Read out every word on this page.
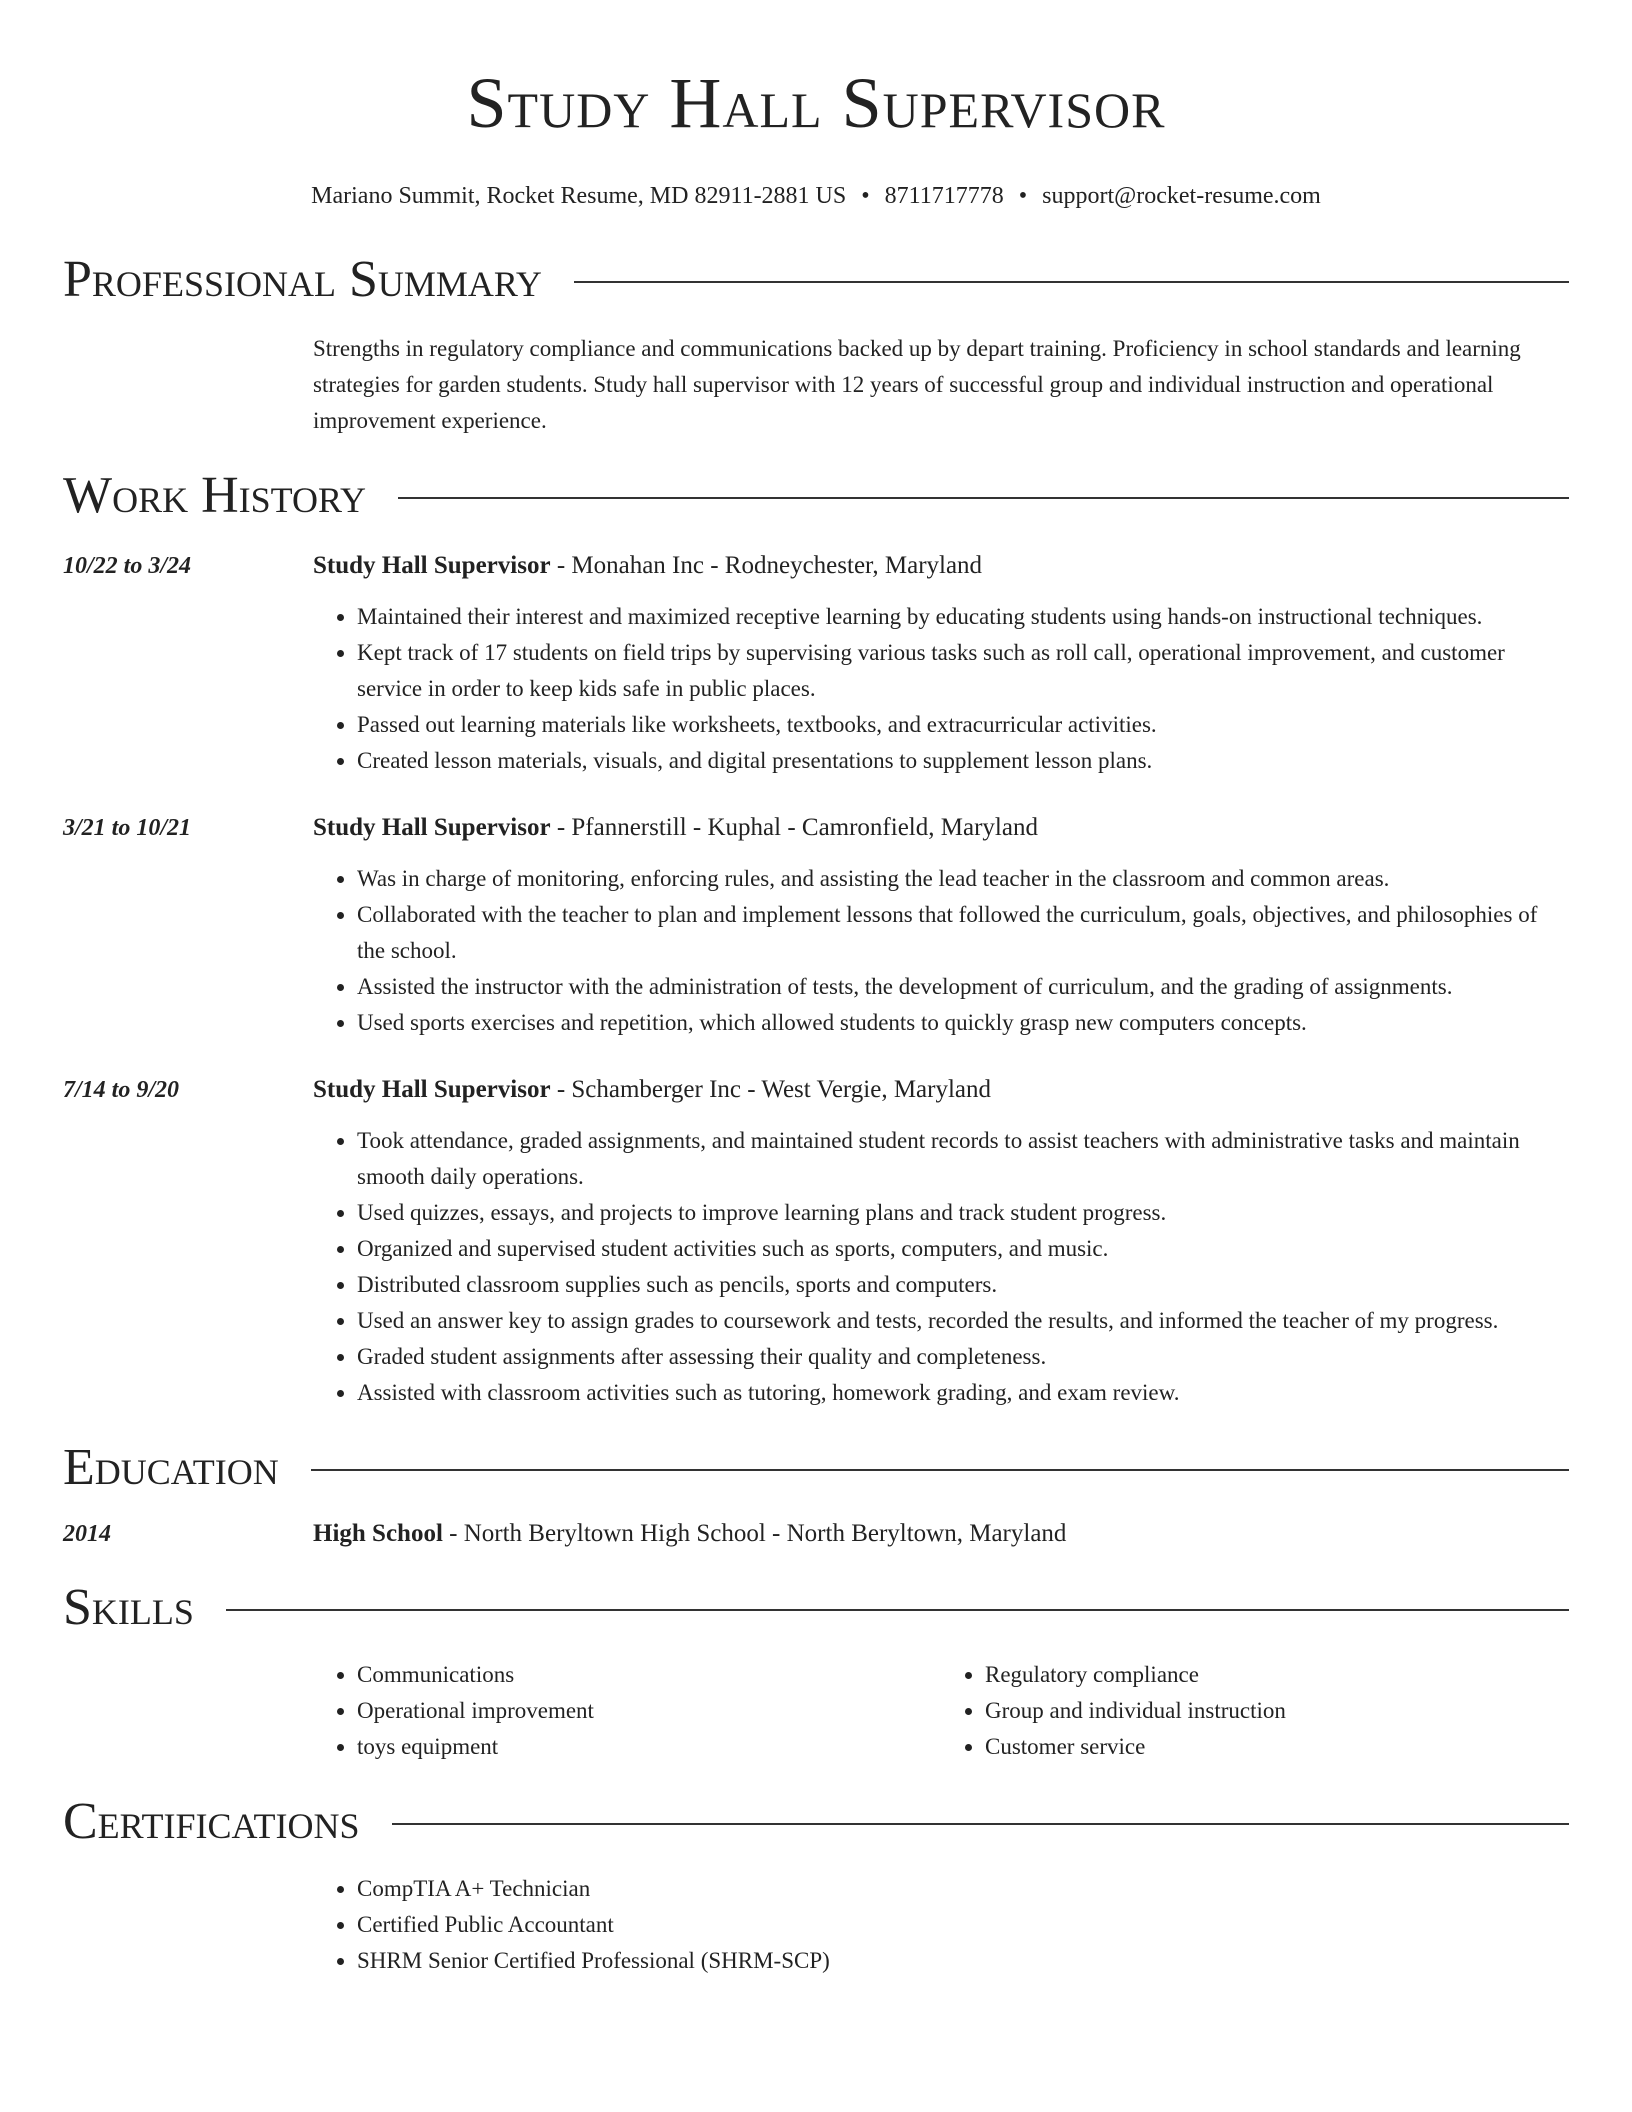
Study Hall Supervisor
Mariano Summit, Rocket Resume, MD 82911-2881 US • 8711717778 • support@rocket-resume.com
Professional Summary
Strengths in regulatory compliance and communications backed up by depart training. Proficiency in school standards and learning strategies for garden students. Study hall supervisor with 12 years of successful group and individual instruction and operational improvement experience.
Work History
10/22 to 3/24	Study Hall Supervisor - Monahan Inc - Rodneychester, Maryland
• Maintained their interest and maximized receptive learning by educating students using hands-on instructional techniques.
• Kept track of 17 students on field trips by supervising various tasks such as roll call, operational improvement, and customer service in order to keep kids safe in public places.
• Passed out learning materials like worksheets, textbooks, and extracurricular activities.
• Created lesson materials, visuals, and digital presentations to supplement lesson plans.
3/21 to 10/21	Study Hall Supervisor - Pfannerstill - Kuphal - Camronfield, Maryland
• Was in charge of monitoring, enforcing rules, and assisting the lead teacher in the classroom and common areas.
• Collaborated with the teacher to plan and implement lessons that followed the curriculum, goals, objectives, and philosophies of the school.
• Assisted the instructor with the administration of tests, the development of curriculum, and the grading of assignments.
• Used sports exercises and repetition, which allowed students to quickly grasp new computers concepts.
7/14 to 9/20	Study Hall Supervisor - Schamberger Inc - West Vergie, Maryland
• Took attendance, graded assignments, and maintained student records to assist teachers with administrative tasks and maintain smooth daily operations.
• Used quizzes, essays, and projects to improve learning plans and track student progress.
• Organized and supervised student activities such as sports, computers, and music.
• Distributed classroom supplies such as pencils, sports and computers.
• Used an answer key to assign grades to coursework and tests, recorded the results, and informed the teacher of my progress.
• Graded student assignments after assessing their quality and completeness.
• Assisted with classroom activities such as tutoring, homework grading, and exam review.
Education
2014	High School - North Beryltown High School - North Beryltown, Maryland
Skills
• Communications
• Operational improvement
• toys equipment
• Regulatory compliance
• Group and individual instruction
• Customer service
Certifications
• CompTIA A+ Technician
• Certified Public Accountant
• SHRM Senior Certified Professional (SHRM-SCP)
